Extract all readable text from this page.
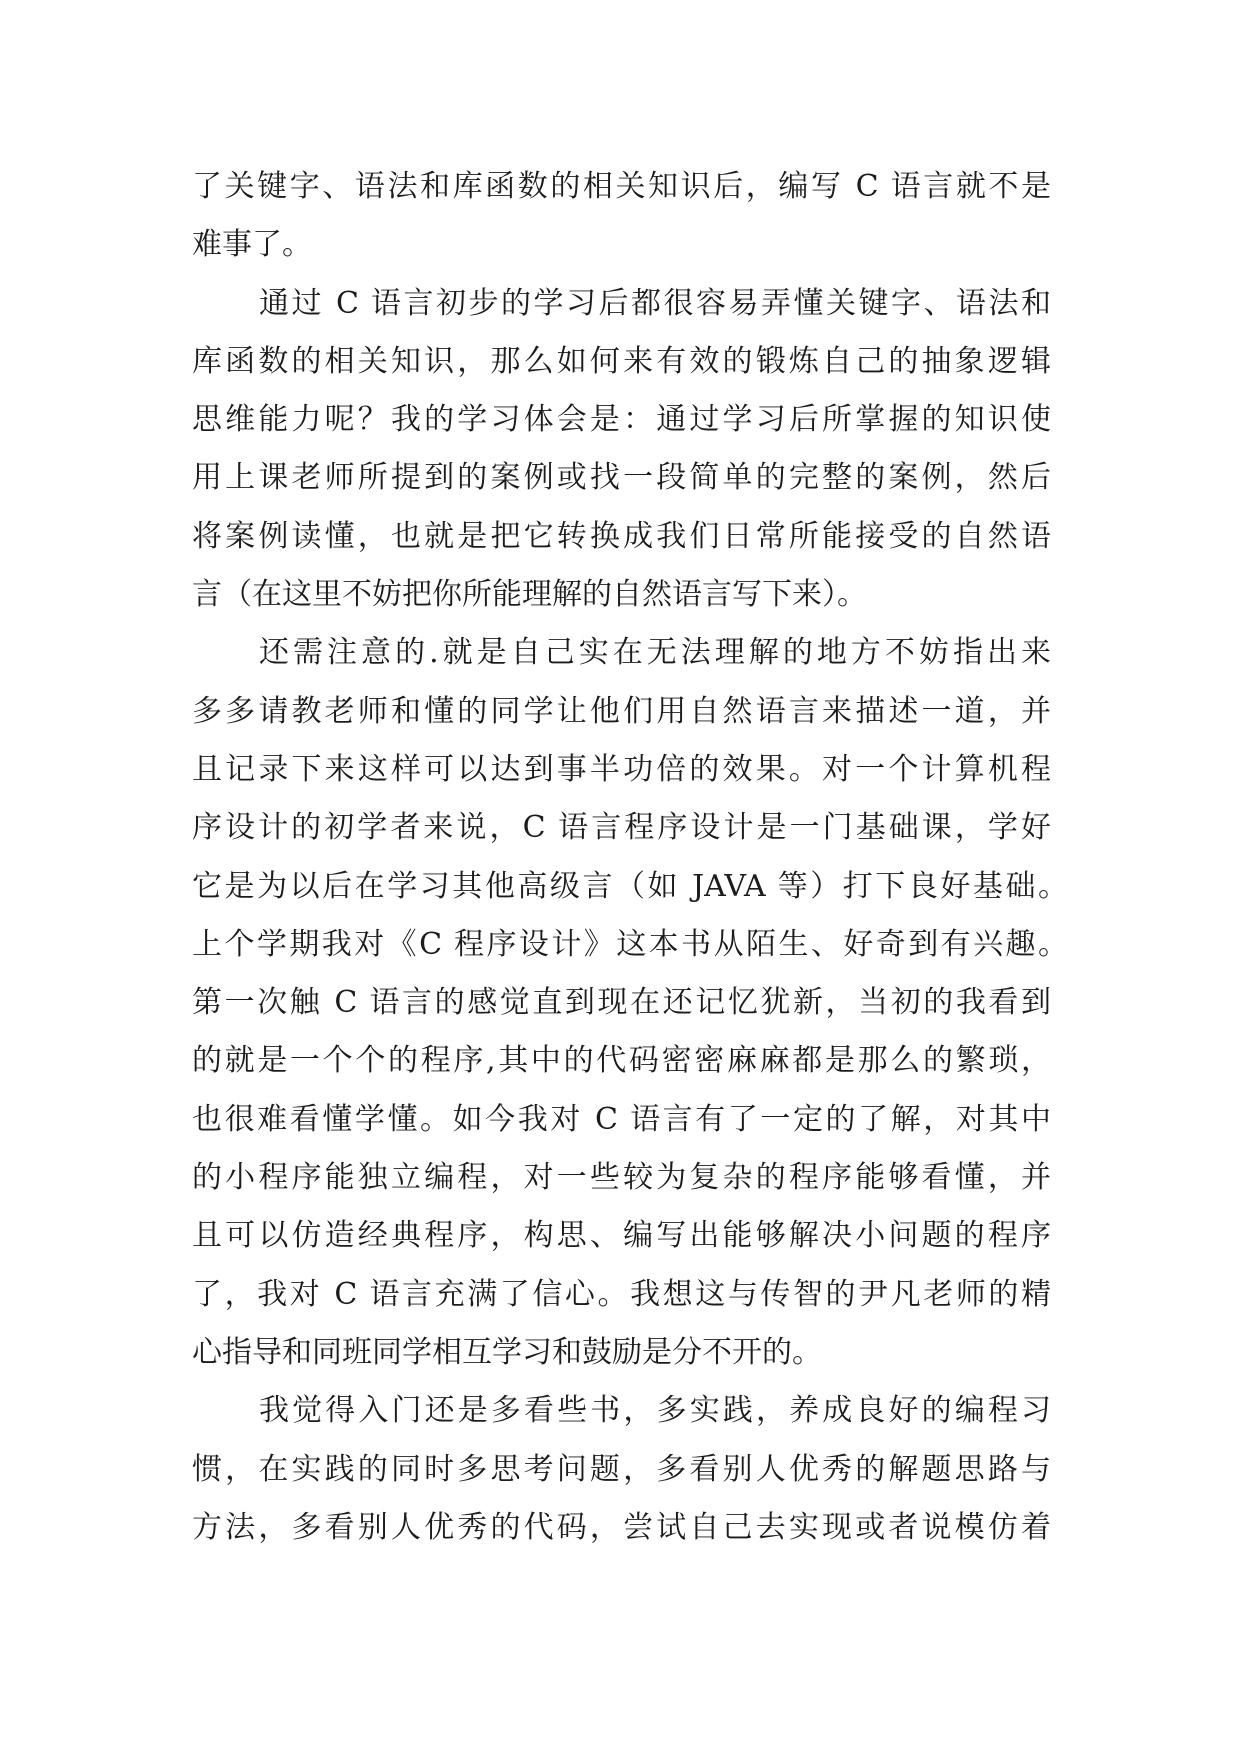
了关键字、语法和库函数的相关知识后，编写 C 语言就不是
难事了。
通过 C 语言初步的学习后都很容易弄懂关键字、语法和
库函数的相关知识，那么如何来有效的锻炼自己的抽象逻辑
思维能力呢？我的学习体会是：通过学习后所掌握的知识使
用上课老师所提到的案例或找一段简单的完整的案例，然后
将案例读懂，也就是把它转换成我们日常所能接受的自然语
言（在这里不妨把你所能理解的自然语言写下来）。
还需注意的.就是自己实在无法理解的地方不妨指出来
多多请教老师和懂的同学让他们用自然语言来描述一道，并
且记录下来这样可以达到事半功倍的效果。对一个计算机程
序设计的初学者来说，C 语言程序设计是一门基础课，学好
它是为以后在学习其他高级言（如 JAVA 等）打下良好基础。
上个学期我对《C 程序设计》这本书从陌生、好奇到有兴趣。
第一次触 C 语言的感觉直到现在还记忆犹新，当初的我看到
的就是一个个的程序,其中的代码密密麻麻都是那么的繁琐，
也很难看懂学懂。如今我对 C 语言有了一定的了解，对其中
的小程序能独立编程，对一些较为复杂的程序能够看懂，并
且可以仿造经典程序，构思、编写出能够解决小问题的程序
了，我对 C 语言充满了信心。我想这与传智的尹凡老师的精
心指导和同班同学相互学习和鼓励是分不开的。
我觉得入门还是多看些书，多实践，养成良好的编程习
惯，在实践的同时多思考问题，多看别人优秀的解题思路与
方法，多看别人优秀的代码，尝试自己去实现或者说模仿着
